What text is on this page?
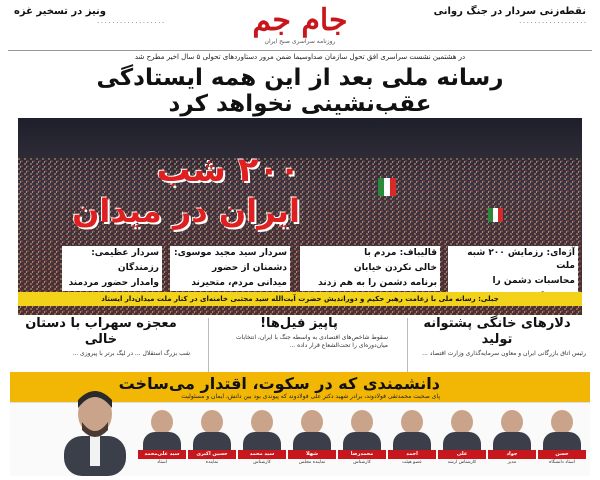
ونیز در تسخیر غزه
· · · · · · · · · · · · · · · · · ·	جام جم
روزنامه سراسری صبح ایران
نقطه‌زنی سردار در جنگ روانی
· · · · · · · · · · · · · · · · · ·
در هشتمین نشست سراسری افق تحول سازمان صداوسیما ضمن مرور دستاوردهای تحولی ۵ سال اخیر مطرح شد
رسانه ملی بعد از این همه ایستادگی
عقب‌نشینی نخواهد کرد
۲۰۰ شب
ایران در میدان
آژه‌ای: رزمایش ۲۰۰ شبه ملت
محاسبات دشمن را
قالیباف: مردم با
خالی نکردن خیابان
برنامه دشمن را به هم زدند
سردار سید مجید موسوی:
دشمنان از حضور
میدانی مردم، متحیرند
سردار عظیمی:
رزمندگان
وامدار حضور مردمند
جبلی: رسانه ملی با زعامت رهبر حکیم و دوراندیش حضرت آیت‌الله سید مجتبی خامنه‌ای در کنار ملت میدان‌دار ایستاد
دلارهای خانگی پشتوانه تولید
رئیس اتاق بازرگانی ایران و معاون سرمایه‌گذاری وزارت اقتصاد ...
پاپیز فیل‌ها!
سقوط شاخص‌های اقتصادی به واسطه جنگ با ایران، انتخابات میان‌دوره‌ای را تحت‌الشعاع قرار داده ...
معجزه سهراب با دستان خالی
شب بزرگ استقلال ... در لیگ برتر با پیروزی ...
دانشمندی که در سکوت، اقتدار می‌ساخت
پای صحبت محمدتقی فولادوند، برادر شهید دکتر علی فولادوند که پیوندی بود بین دانش، ایمان و مسئولیت
سید علی‌محمد
استاد
حسین اکبری
نماینده
سید محمد
کارشناس
شهلا
نماینده مجلس
محمدرضا
کارشناس
احمد
عضو هیئت
علی
کارشناس ارشد
جواد
مدیر
حسن
استاد دانشگاه
